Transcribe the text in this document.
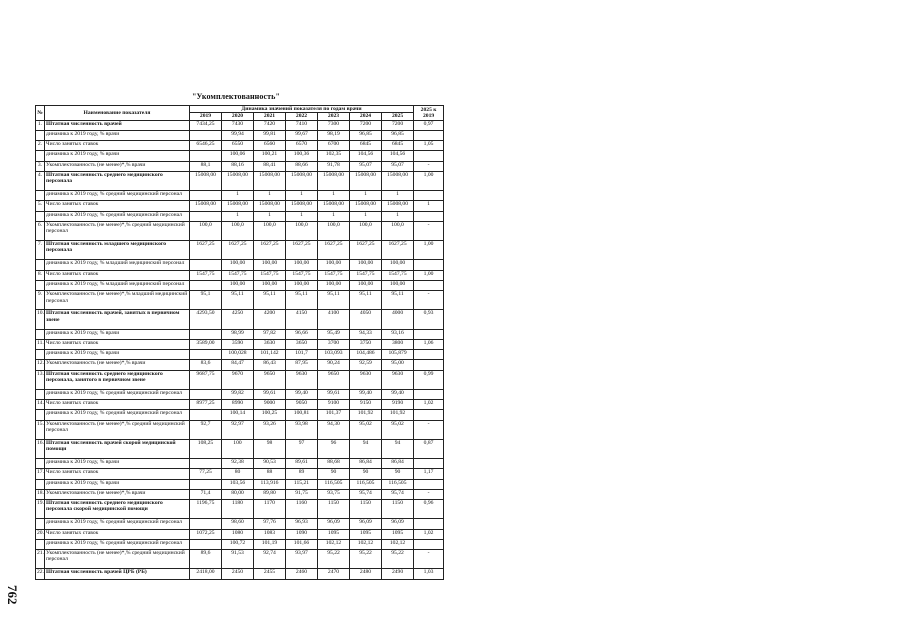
"Укомплектованность"
№	Наименование показателя	Динамика значений показателя по годам врачи							2025 к 2019
		2019	2020	2021	2022	2023	2024	2025	
1.	Штатная численность врачей	7434,25	7430	7420	7410	7300	7200	7200	0,97
	динамика к 2019 году, % врачи		99,94	99,81	99,67	98,19	96,85	96,85	
2.	Число занятых ставок	6546,25	6550	6560	6570	6700	6845	6845	1,05
	динамика к 2019 году, % врачи		100,06	100,21	100,36	102,35	104,56	104,56	
3.	Укомплектованность (не менее)*,% врачи	88,1	88,16	88,41	88,66	91,78	95,07	95,07	-
4.	Штатная численность среднего медицинского персонала	15008,00	15008,00	15008,00	15008,00	15008,00	15008,00	15008,00	1,00
	динамика к 2019 году, % средний медицинский персонал		1	1	1	1	1	1	
5.	Число занятых ставок	15008,00	15008,00	15008,00	15008,00	15008,00	15008,00	15008,00	1
	динамика к 2019 году, % средний медицинский персонал		1	1	1	1	1	1	
6.	Укомплектованность (не менее)*,% средний медицинский персонал	100,0	100,0	100,0	100,0	100,0	100,0	100,0	-
7.	Штатная численность младшего медицинского персонала	1627,25	1627,25	1627,25	1627,25	1627,25	1627,25	1627,25	1,00
	динамика к 2019 году, % младший медицинский персонал		100,00	100,00	100,00	100,00	100,00	100,00	
8.	Число занятых ставок	1547,75	1547,75	1547,75	1547,75	1547,75	1547,75	1547,75	1,00
	динамика к 2019 году, % младший медицинский персонал		100,00	100,00	100,00	100,00	100,00	100,00	
9.	Укомплектованность (не менее)*,% младший медицинский персонал	95,1	95,11	95,11	95,11	95,11	95,11	95,11	-
10.	Штатная численность врачей, занятых в первичном звене	4293,50	4250	4200	4150	4100	4050	4000	0,93
	динамика к 2019 году, % врачи		98,99	97,82	96,66	95,49	94,33	93,16	
11.	Число занятых ставок	3589,00	3590	3630	3650	3700	3750	3800	1,06
	динамика к 2019 году, % врачи		100,028	101,142	101,7	103,093	104,486	105,879	
12.	Укомплектованность (не менее)*,% врачи	83,6	84,47	86,43	87,95	90,24	92,59	95,00	
13.	Штатная численность среднего медицинского персонала, занятого в первичном звене	9687,75	9670	9650	9630	9650	9630	9630	0,99
	динамика к 2019 году, % средний медицинский персонал		99,82	99,61	99,40	99,61	99,40	99,40	
14.	Число занятых ставок	8977,25	8990	9000	9050	9100	9150	9190	1,02
	динамика к 2019 году, % средний медицинский персонал		100,14	100,25	100,81	101,37	101,92	101,92	
15.	Укомплектованность (не менее)*,% средний медицинский персонал	92,7	92,97	93,26	93,98	94,30	95,02	95,02	-
16.	Штатная численность врачей скорой медицинской помощи	108,25	100	98	97	96	94	94	0,87
	динамика к 2019 году, % врачи		92,38	90,53	89,61	88,68	86,84	86,84	
17.	Число занятых ставок	77,25	80	88	89	90	90	90	1,17
	динамика к 2019 году, % врачи		103,56	113,916	115,21	116,505	116,505	116,505	
18.	Укомплектованность (не менее)*,% врачи	71,4	80,00	89,80	91,75	93,75	95,74	95,74	-
19.	Штатная численность среднего медицинского персонала скорой медицинской помощи	1196,75	1180	1170	1160	1150	1150	1150	0,96
	динамика к 2019 году, % средний медицинский персонал		98,60	97,76	96,93	96,09	96,09	96,09	
20.	Число занятых ставок	1072,25	1080	1083	1090	1095	1095	1095	1,02
	динамика к 2019 году, % средний медицинский персонал		100,72	101,19	101,66	102,12	102,12	102,12	
21.	Укомплектованность (не менее)*,% средний медицинский персонал	89,6	91,53	92,74	93,97	95,22	95,22	95,22	-
22.	Штатная численность врачей ЦРБ (РБ)	2418,00	2450	2455	2460	2470	2480	2490	1,03
762
